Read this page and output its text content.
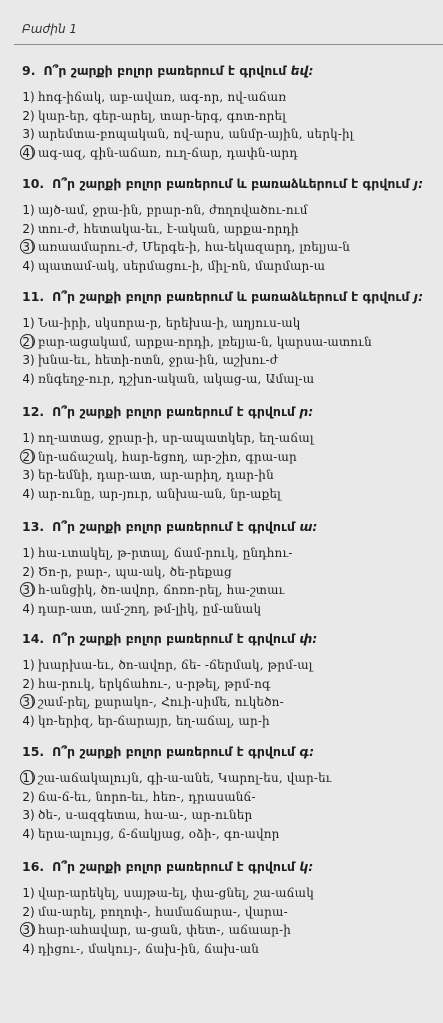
Բաժին 1
9. Ո՞ր շարքի բոլոր բառերում է գրվում եվ:
1) հոգ-իճակ, աբ-ավառ, ագ-որ, ով-աճառ
2) կար-եր, գեր-արել, տար-երգ, գոտ-որել
3) արեմտա-բոպական, ով-արս, անմր-ային, սերկ-իլ
4) ագ-ազ, գին-աճառ, ուղ-ճար, դափն-արդ
10. Ո՞ր շարքի բոլոր բառերում և բառաձևերում է գրվում յ:
1) այծ-ամ, ջրա-ին, բրար-ոն, ժողովածու-ում
2) տու-ժ, հետակա-եւ, է-ական, արքա-որդի
3) առաամարու-ժ, Մերգե-ի, հա-եկազարդ, լռելյա-ն
4) պատամ-ակ, սերմացու-ի, միլ-ոն, մարմար-ա
11. Ո՞ր շարքի բոլոր բառերում և բառաձևերում է գրվում յ:
1) Նա-իրի, սկսորա-ր, երեխա-ի, աղյուս-ակ
2) բար-ացակամ, արքա-որդի, լռելյա-ն, կարսա-ատուն
3) խնա-եւ, հետի-ոտն, ջրա-ին, աշխու-ժ
4) ռնգեղջ-ուր, դշխո-ական, ակաց-ա, Ամալ-ա
12. Ո՞ր շարքի բոլոր բառերում է գրվում ր:
1) ող-ատաց, ջրար-ի, սր-ապատկեր, եղ-աճալ
2) նր-աճաշակ, հար-եցող, ար-շիռ, գրա-ար
3) եր-եմնի, դար-ատ, ար-արիղ, դար-ին
4) ար-ունը, ար-յուր, անխա-ան, նր-աքել
13. Ո՞ր շարքի բոլոր բառերում է գրվում ա:
1) հա-ւտակել, թ-րտալ, ճամ-րուկ, ընդհու-
2) Ծո-ր, բար-, պա-ակ, ծե-րեքաց
3) հ-անցիկ, ծո-ավոր, ճոռո-րել, հա-շտաւ
4) դար-ատ, ամ-շող, թմ-լիկ, ըմ-անակ
14. Ո՞ր շարքի բոլոր բառերում է գրվում փ:
1) խարխա-եւ, ծո-ավոր, ճե- -ճերմակ, թրմ-ալ
2) հա-րուկ, երկճահու-, ս-րթել, թրմ-ոգ
3) շամ-րել, քարակո-, Հուի-սիմե, ուկեծո-
4) կռ-երիզ, եր-ճարայր, եղ-աճալ, ար-ի
15. Ո՞ր շարքի բոլոր բառերում է գրվում գ:
1) շա-աճակալույն, գի-ա-անե, Կարոլ-ես, վար-եւ
2) ճա-ճ-եւ, նորո-եւ, հեռ-, դրասանճ-
3) ծե-, ս-ազգետա, հա-ա-, ար-ուներ
4) երա-ալույց, ճ-ճակյաց, օձի-, գո-ավոր
16. Ո՞ր շարքի բոլոր բառերում է գրվում կ:
1) վար-արեկել, սայթա-ել, փա-ցնել, շա-աճակ
2) մա-արել, բողոփ-, համաճարա-, վարա-
3) հար-ահավար, ա-ցան, փետ-, աճաար-ի
4) դիցու-, մակույ-, ճախ-ին, ճախ-ան
